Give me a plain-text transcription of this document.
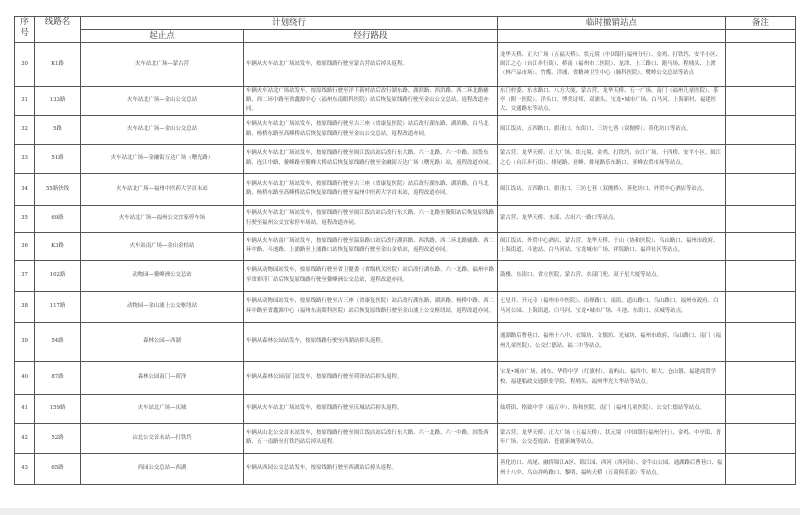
序号	线路名	计划绕行		临时撤销站点	备注
		起止点	经行路段		
30	K1路	火车站北广场—蒙古营	车辆从火车站北广场站发车，按原线路行驶至蒙古营站后掉头返程。	龙华天桥、正大广场（五福天桥）、状元境（中国银行福州分行）、金鸡、打铁垱、安平小区、闽江之心（台江步行街）、桥南（福州市二医院）、龙津、上三路口、跑马场、程埔头、上渡（林产品市场）、竹榄、洋浦、省精神卫生中心（肺科医院）、鹭岭公交总站等站点	
31	133路	火车站北广场—金山公交总站	车辆火车站北广场站发车，按原线路行驶至洋下新村站后改行湖东路、湖滨路、西洪路、西二环北路辅路、西二环中路至省鑫源中心（福州东南眼科医院）站后恢复原线路行驶至金山公交总站，返程改道亦同。	东门村委、东水路口、八方大厦、蒙古营、龙华天桥、五一广场、南门（福州儿童医院）、茶亭（附一医院）、洋头口、博美诗邦、双浦头、宝龙•城市广场、白马河、上海新村、福建医大、交通路东等站点。	
32	5路	火车站北广场—金山公交总站	车辆从火车站北广场站发车，按原线路行驶至古三座（省康复医院）站后改行湖东路、湖滨路、白马北路、杨桥东路至高峰桥站后恢复原线路行驶至金山公交总站，返程改道亦同。	闽江饭店、五四路口、旗汛口、东街口、三坊七巷（双抛桥）、善化坊口等站点。	
33	51路	火车站北广场—金融街万达广场（曙光路）	车辆从火车站北广场站发车，按原线路行驶至闽江饭店站后改行东大路、六一北路、六一中路、国货东路、连江中路、鳌峰路至鳌峰大桥站后恢复原线路行驶至金融街万达广场（曙光路）站，返程改道亦同。	蒙古营、龙华天桥、正大广场、状元境、金鸡、打铁垱、台江广场、十四桥、安平小区、闽江之心（台江步行街）、排尾路、亚峰、排尾路乐东路口、亚峰农贸市场等站点。	
34	55路快线	火车站北广场—福州中医药大学首末站	车辆从火车站北广场站发车，按原线路行驶至古三座（省康复医院）站后改行湖东路、湖滨路、白马北路、杨桥东路至高峰桥站后恢复原线路行驶至福州中医药大学首末站，返程改道亦同。	闽江饭店、五四路口、旗汛口、三坊七巷（双抛桥）、善化坊口、外贸中心酒店等站点。	
35	69路	火车站北广场—福州公交宜家停车场	车辆从火车站北广场站发车，按原线路行驶至闽江饭店站后改行东大路、六一北路至鳌阳站后恢复原线路行驶至福州公交宜家停车场站，返程改道亦同。	蒙古营、龙华天桥、水部、古田六一路口等站点。	
36	K3路	火车站南广场—金山金桔站	车辆从火车站南广场站发车，按原线路行驶至温泉路口站后改行湖滨路、西洪路、西二环北路辅路、西二环中路、斗池路、上浦路至上浦路口站恢复原线路行驶至金山金桔站，返程改道亦同。	闽江饭店、外贸中心酒店、蒙古营、龙华天桥、于山（协和医院）、乌山路口、福州市政府、上海街道、斗池站、白马河站、宝龙城市广场、祥坂路口、福祥社区等站点。	
37	102路	动物园—鳌峰洲公交总站	车辆从动物园站发车，按原线路行驶至省卫健委（省级机关医院）站后改行湖东路、六一北路、福州中路至省彩印厂站后恢复原线路行驶至鳌峰洲公交总站，返程改道亦同。	鼓楼、东街口、省立医院、蒙古营、水部门兜、双子星大厦等站点。	
38	117路	动物园—金山浦上公交枢纽站	车辆从动物园站发车，按原线路行驶至古三座（省康复医院）站后改行湖东路、湖滨路、杨桥中路、西二环中路至省鑫源中心（福州东南眼科医院）站后恢复原线路行驶至金山浦上公交枢纽站，返程改道亦同。	七星井、开元寺（福州市中医院）、南禅路口、南街、道山路口、乌山路口、福州市政府、白马河公园、上海街道、白马河、宝龙•城市广场、斗池、东街口、庆城等站点。	
39	54路	森林公园—西湖	车辆从森林公园站发车，按原线路行驶至西湖站掉头返程。	通湖路后曹巷口、福州十八中、衣锦坊、文儒坊、光禄坊、福州市政府、乌山路口、南门（福州儿童医院）、公交仁德站、福二中等站点。	
40	87路	森林公园南门—荷泽	车辆从森林公园南门站发车，按原线路行驶至荷泽站后掉头返程。	宝龙•城市广场、浦东、华侨中学（红旗村）、南屿山、福四中、师大、仓山镇、福建商贸学校、福建船政交通职业学院、程埔头、福州华光大华站等站点。	
41	159路	火车站北广场—庆城	车辆从火车站北广场站发车，按原线路行驶至庆城站后掉头返程。	仙塔街、格致中学（福五中）、协和医院、南门（福州儿童医院）、公交仁德站等站点。	
42	52路	山北公交首末站—打铁垱	车辆从山北公交首末站发车，按原线路行驶至闽江饭店站后改行东大路、六一北路、六一中路、国货西路、五一南路至打铁垱站后掉头返程。	蒙古营、龙华天桥、正大广场（五福天桥）、状元境（中国银行福州分行）、金鸡、中亭街、青年广场、公交苍霞站、苍霞新城等站点。	
43	65路	西园公交总站—西湖	车辆从西园公交总站发车，按原线路行驶至西湖站后掉头返程。	善化坊口、凤尾、融侨锦江A区、锦江园、西河（西河园）、金牛山公园、通湖路后曹巷口、福州十八中、乌山祥屿路口、黎明、福屿天桥（万商俱乐部）等站点。	
